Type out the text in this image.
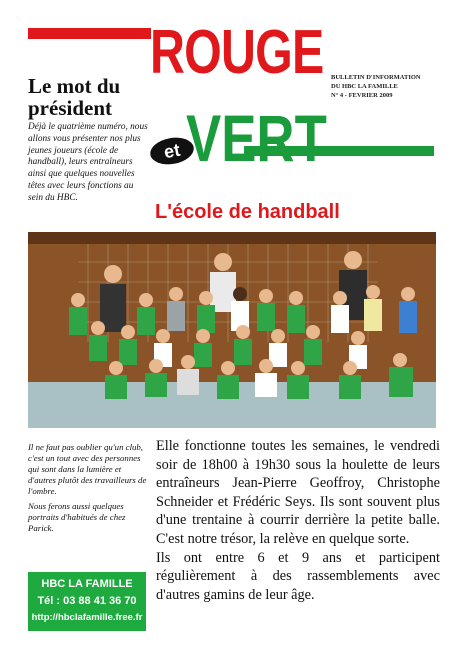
ROUGE
et VERT
BULLETIN D'INFORMATION
DU HBC LA FAMILLE
N° 4 - FEVRIER 2009
Le mot du président
Déjà le quatrième numéro, nous allons vous présenter nos plus jeunes joueurs (école de handball), leurs entraîneurs ainsi que quelques nouvelles têtes avec leurs fonctions au sein du HBC.
L'école de handball

Il ne faut pas oublier qu'un club, c'est un tout avec des personnes qui sont dans la lumière et d'autres plutôt des travailleurs de l'ombre.

Nous ferons aussi quelques portraits d'habitués de chez Parick.

HBC LA FAMILLE
Tél : 03 88 41 36 70
http://hbclafamille.free.fr

Elle fonctionne toutes les semaines, le vendredi soir de 18h00 à 19h30 sous la houlette de leurs entraîneurs Jean-Pierre Geoffroy, Christophe Schneider et Frédéric Seys. Ils sont souvent plus d'une trentaine à courrir derrière la petite balle. C'est notre trésor, la relève en quelque sorte.

Ils ont entre 6 et 9 ans et participent régulièrement à des rassemblements avec d'autres gamins de leur âge.
